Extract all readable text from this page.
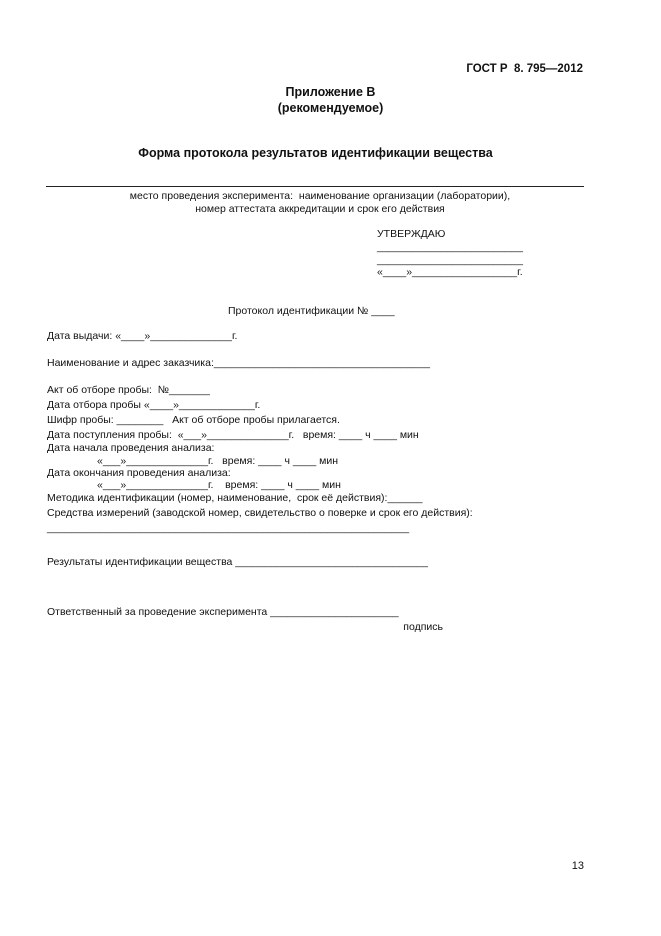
ГОСТ Р  8. 795—2012
Приложение В
(рекомендуемое)
Форма протокола результатов идентификации вещества
место проведения эксперимента:  наименование организации (лаборатории),
номер аттестата аккредитации и срок его действия
УТВЕРЖДАЮ
_________________________
_________________________
«____»__________________г.
Протокол идентификации № ____
Дата выдачи: «____»______________г.
Наименование и адрес заказчика:_____________________________________
Акт об отборе пробы:  №_______
Дата отбора пробы «____»_____________г.
Шифр пробы: ________   Акт об отборе пробы прилагается.
Дата поступления пробы:  «___»______________г.   время: ____ ч ____ мин
Дата начала проведения анализа:
«___»______________г.   время: ____ ч ____ мин
Дата окончания проведения анализа:
«___»______________г.    время: ____ ч ____ мин
Методика идентификации (номер, наименование,  срок её действия):______
Средства измерений (заводской номер, свидетельство о поверке и срок его действия):
______________________________________________________________
Результаты идентификации вещества _________________________________
Ответственный за проведение эксперимента ______________________
подпись
13
